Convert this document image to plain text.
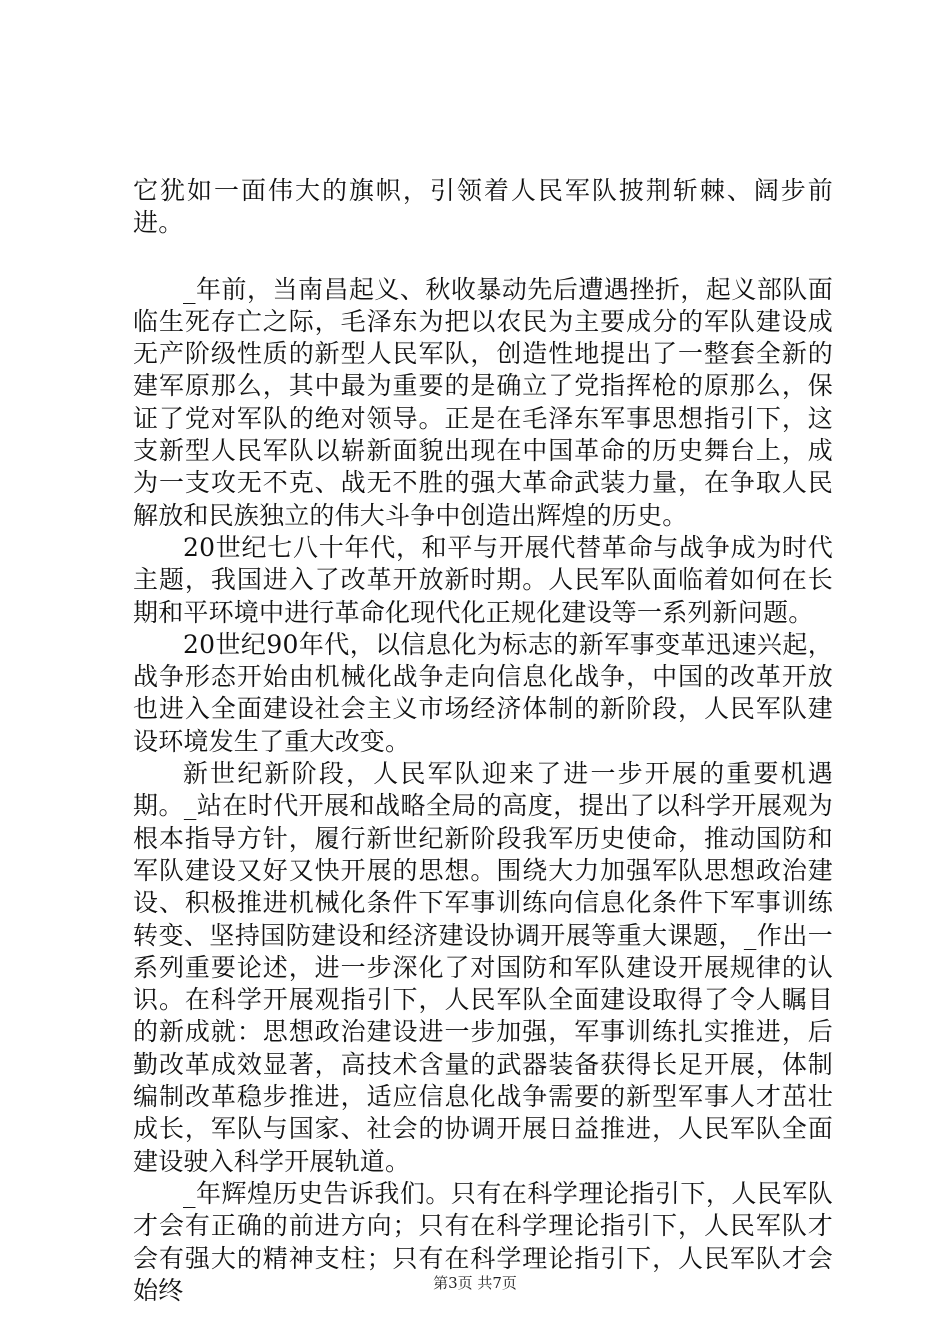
它犹如一面伟大的旗帜，引领着人民军队披荆斩棘、阔步前进。

_年前，当南昌起义、秋收暴动先后遭遇挫折，起义部队面临生死存亡之际，毛泽东为把以农民为主要成分的军队建设成无产阶级性质的新型人民军队，创造性地提出了一整套全新的建军原那么，其中最为重要的是确立了党指挥枪的原那么，保证了党对军队的绝对领导。正是在毛泽东军事思想指引下，这支新型人民军队以崭新面貌出现在中国革命的历史舞台上，成为一支攻无不克、战无不胜的强大革命武装力量，在争取人民解放和民族独立的伟大斗争中创造出辉煌的历史。

20世纪七八十年代，和平与开展代替革命与战争成为时代主题，我国进入了改革开放新时期。人民军队面临着如何在长期和平环境中进行革命化现代化正规化建设等一系列新问题。

20世纪90年代，以信息化为标志的新军事变革迅速兴起，战争形态开始由机械化战争走向信息化战争，中国的改革开放也进入全面建设社会主义市场经济体制的新阶段，人民军队建设环境发生了重大改变。

新世纪新阶段，人民军队迎来了进一步开展的重要机遇期。_站在时代开展和战略全局的高度，提出了以科学开展观为根本指导方针，履行新世纪新阶段我军历史使命，推动国防和军队建设又好又快开展的思想。围绕大力加强军队思想政治建设、积极推进机械化条件下军事训练向信息化条件下军事训练转变、坚持国防建设和经济建设协调开展等重大课题，_作出一系列重要论述，进一步深化了对国防和军队建设开展规律的认识。在科学开展观指引下，人民军队全面建设取得了令人瞩目的新成就：思想政治建设进一步加强，军事训练扎实推进，后勤改革成效显著，高技术含量的武器装备获得长足开展，体制编制改革稳步推进，适应信息化战争需要的新型军事人才茁壮成长，军队与国家、社会的协调开展日益推进，人民军队全面建设驶入科学开展轨道。

_年辉煌历史告诉我们。只有在科学理论指引下，人民军队才会有正确的前进方向；只有在科学理论指引下，人民军队才会有强大的精神支柱；只有在科学理论指引下，人民军队才会始终	第3页 共7页
